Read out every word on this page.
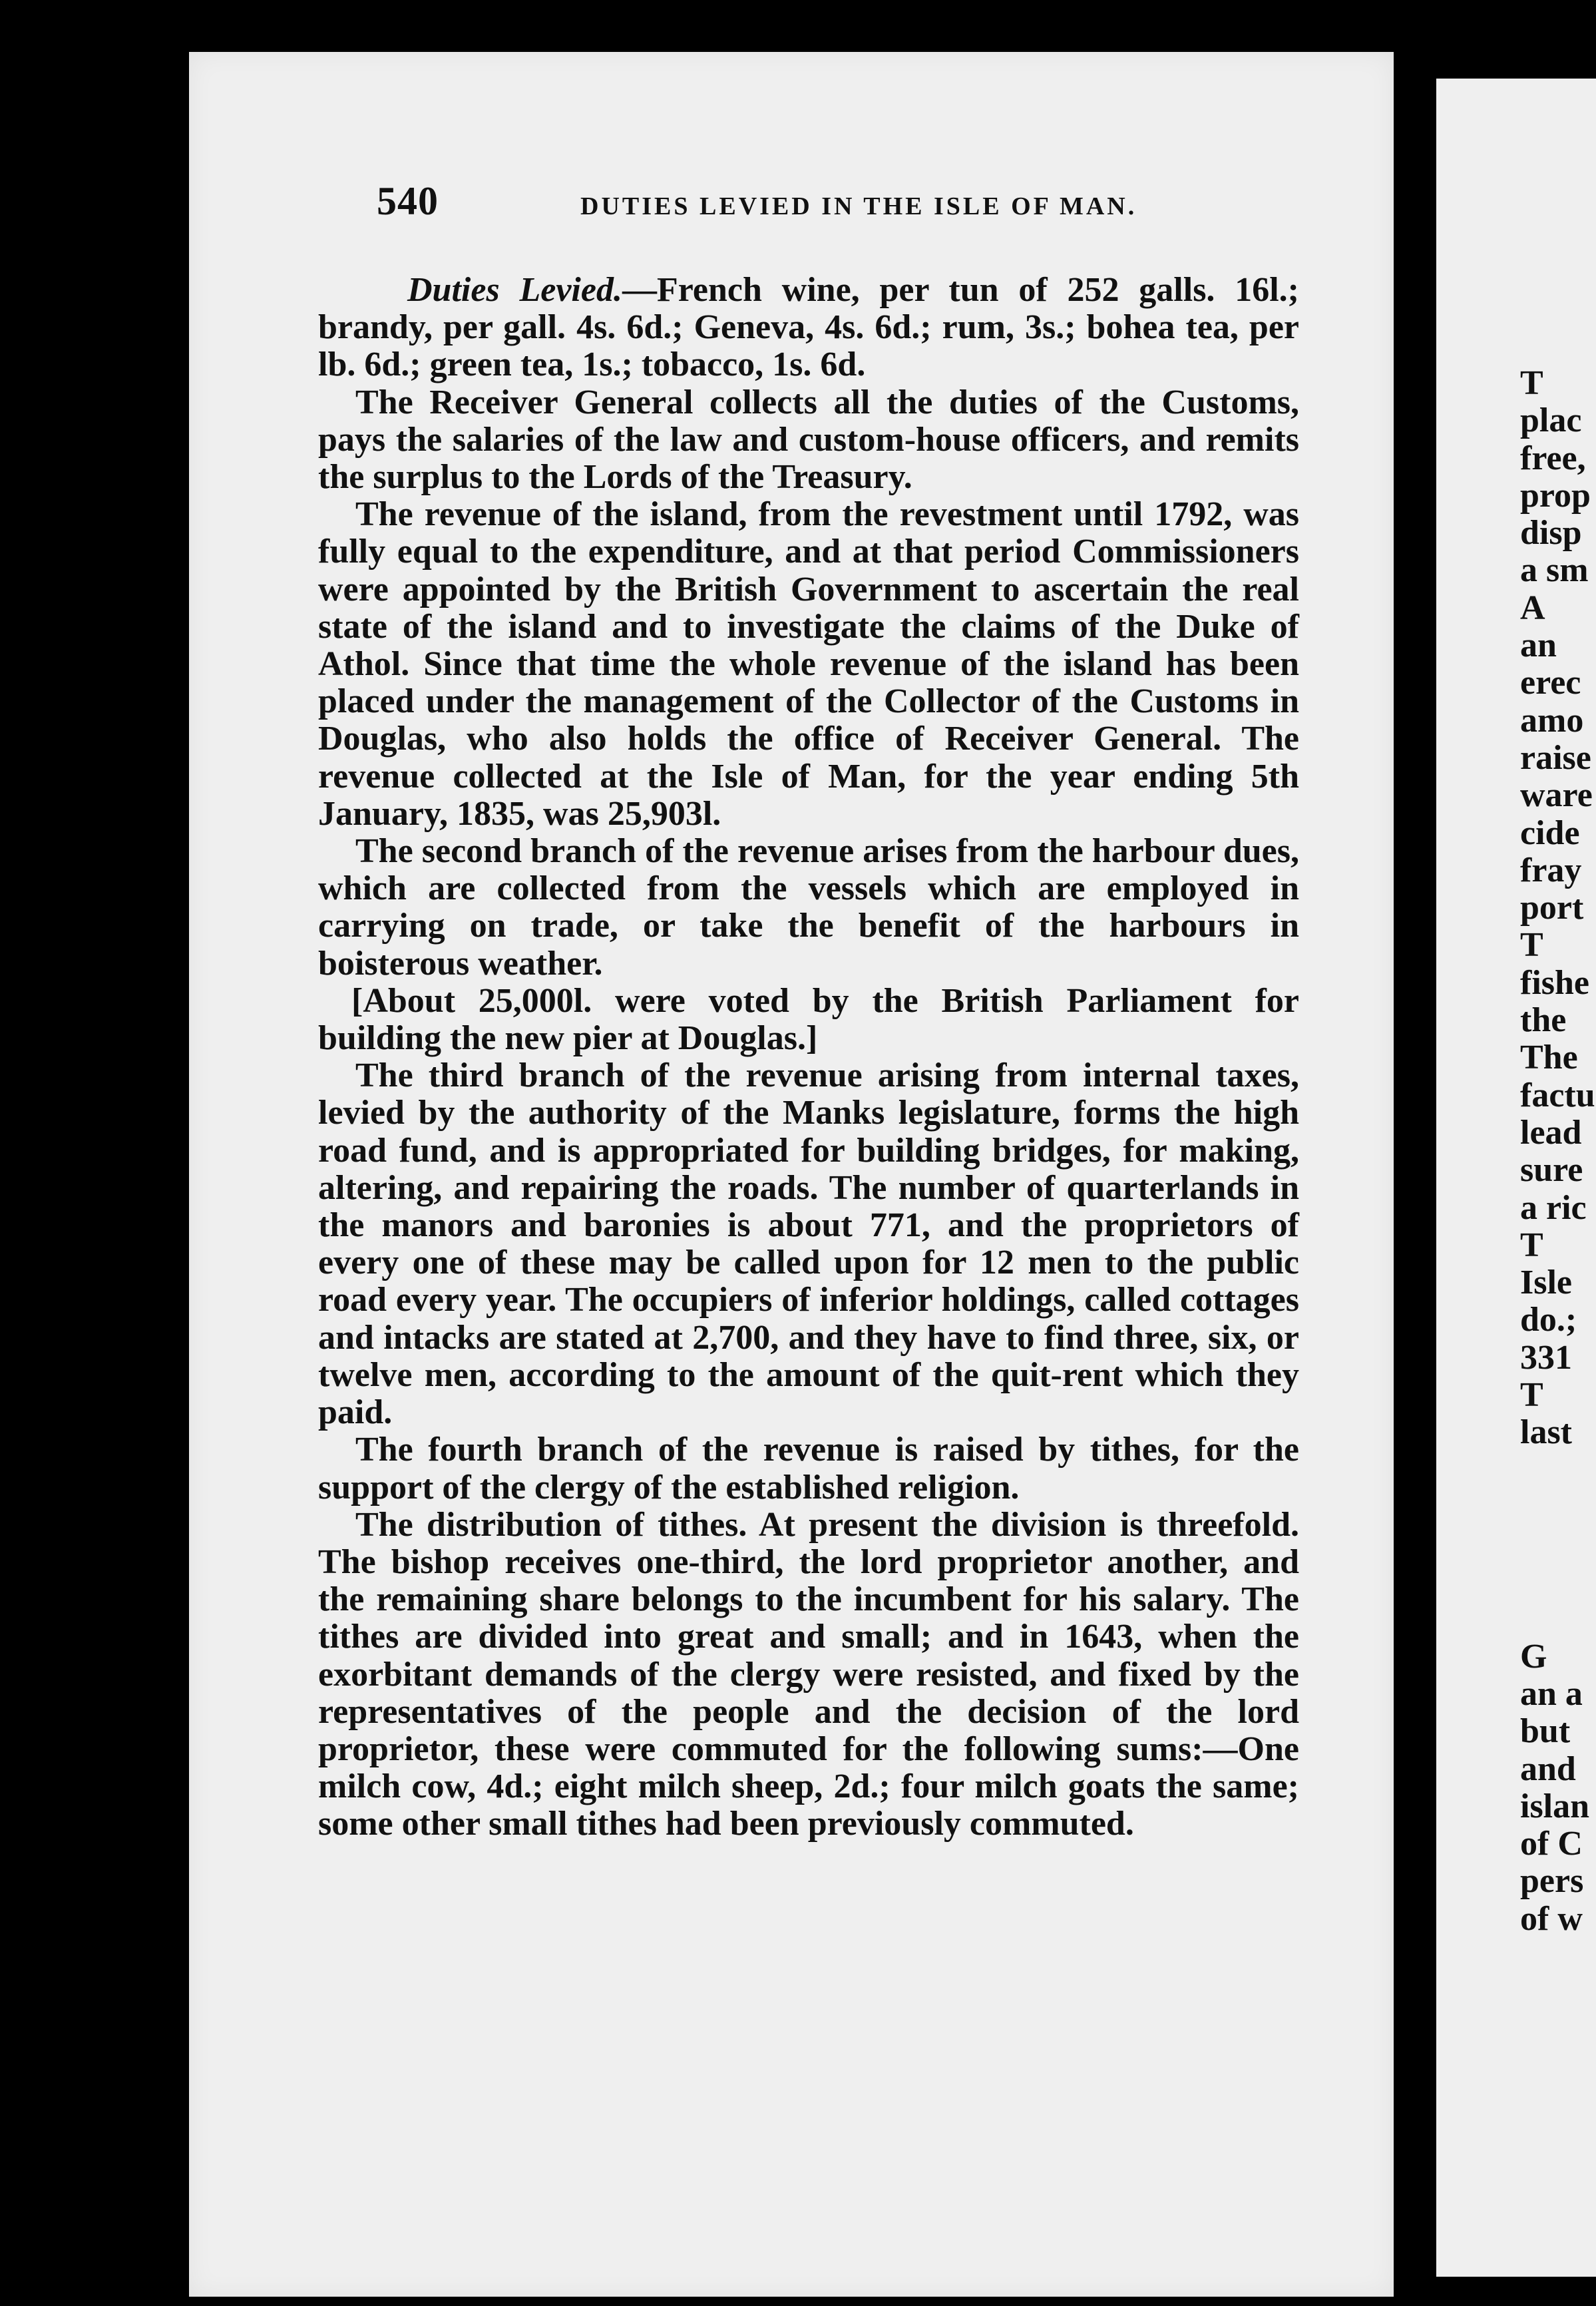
540	DUTIES LEVIED IN THE ISLE OF MAN.

Duties Levied.—French wine, per tun of 252 galls. 16l.; brandy, per gall. 4s. 6d.; Geneva, 4s. 6d.; rum, 3s.; bohea tea, per lb. 6d.; green tea, 1s.; tobacco, 1s. 6d.

The Receiver General collects all the duties of the Customs, pays the salaries of the law and custom-house officers, and remits the surplus to the Lords of the Treasury.

The revenue of the island, from the revestment until 1792, was fully equal to the expenditure, and at that period Commissioners were appointed by the British Government to ascertain the real state of the island and to investigate the claims of the Duke of Athol. Since that time the whole revenue of the island has been placed under the management of the Collector of the Customs in Douglas, who also holds the office of Receiver General. The revenue collected at the Isle of Man, for the year ending 5th January, 1835, was 25,903l.

The second branch of the revenue arises from the harbour dues, which are collected from the vessels which are employed in carrying on trade, or take the benefit of the harbours in boisterous weather.

[About 25,000l. were voted by the British Parliament for building the new pier at Douglas.]

The third branch of the revenue arising from internal taxes, levied by the authority of the Manks legislature, forms the high road fund, and is appropriated for building bridges, for making, altering, and repairing the roads. The number of quarterlands in the manors and baronies is about 771, and the proprietors of every one of these may be called upon for 12 men to the public road every year. The occupiers of inferior holdings, called cottages and intacks are stated at 2,700, and they have to find three, six, or twelve men, according to the amount of the quit-rent which they paid.

The fourth branch of the revenue is raised by tithes, for the support of the clergy of the established religion.

The distribution of tithes. At present the division is threefold. The bishop receives one-third, the lord proprietor another, and the remaining share belongs to the incumbent for his salary. The tithes are divided into great and small; and in 1643, when the exorbitant demands of the clergy were resisted, and fixed by the representatives of the people and the decision of the lord proprietor, these were commuted for the following sums:—One milch cow, 4d.; eight milch sheep, 2d.; four milch goats the same; some other small tithes had been previously commuted.

T
plac
free,
prop
disp
a sm
A
an
erec
amo
raise
ware
cide
fray
port
T
fishe
the
The
factu
lead
sure
a ric
T
Isle
do.;
331
T
last
G
an a
but
and
islan
of C
pers
of w
